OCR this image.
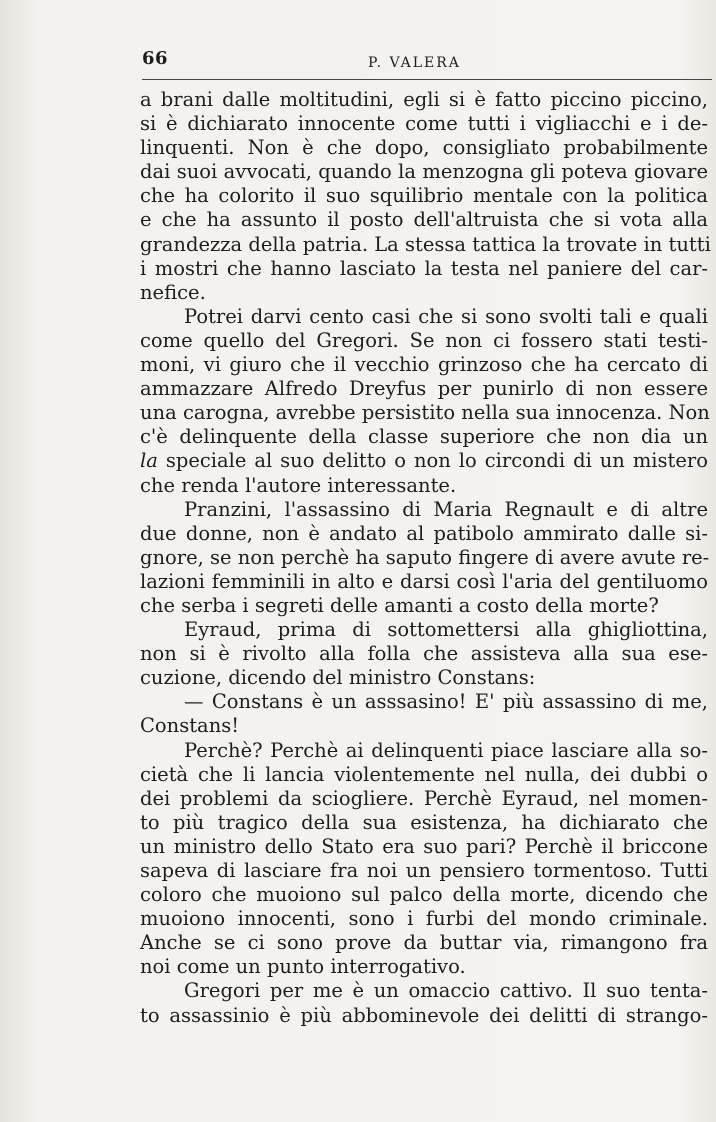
66	P. VALERA
a brani dalle moltitudini, egli si è fatto piccino piccino,
si è dichiarato innocente come tutti i vigliacchi e i de-
linquenti. Non è che dopo, consigliato probabilmente
dai suoi avvocati, quando la menzogna gli poteva giovare
che ha colorito il suo squilibrio mentale con la politica
e che ha assunto il posto dell'altruista che si vota alla
grandezza della patria. La stessa tattica la trovate in tutti
i mostri che hanno lasciato la testa nel paniere del car-
nefice.
Potrei darvi cento casi che si sono svolti tali e quali
come quello del Gregori. Se non ci fossero stati testi-
moni, vi giuro che il vecchio grinzoso che ha cercato di
ammazzare Alfredo Dreyfus per punirlo di non essere
una carogna, avrebbe persistito nella sua innocenza. Non
c'è delinquente della classe superiore che non dia un
la speciale al suo delitto o non lo circondi di un mistero
che renda l'autore interessante.
Pranzini, l'assassino di Maria Regnault e di altre
due donne, non è andato al patibolo ammirato dalle si-
gnore, se non perchè ha saputo fingere di avere avute re-
lazioni femminili in alto e darsi così l'aria del gentiluomo
che serba i segreti delle amanti a costo della morte?
Eyraud, prima di sottomettersi alla ghigliottina,
non si è rivolto alla folla che assisteva alla sua ese-
cuzione, dicendo del ministro Constans:
— Constans è un asssasino! E' più assassino di me,
Constans!
Perchè? Perchè ai delinquenti piace lasciare alla so-
cietà che li lancia violentemente nel nulla, dei dubbi o
dei problemi da sciogliere. Perchè Eyraud, nel momen-
to più tragico della sua esistenza, ha dichiarato che
un ministro dello Stato era suo pari? Perchè il briccone
sapeva di lasciare fra noi un pensiero tormentoso. Tutti
coloro che muoiono sul palco della morte, dicendo che
muoiono innocenti, sono i furbi del mondo criminale.
Anche se ci sono prove da buttar via, rimangono fra
noi come un punto interrogativo.
Gregori per me è un omaccio cattivo. Il suo tenta-
to assassinio è più abbominevole dei delitti di strango-
